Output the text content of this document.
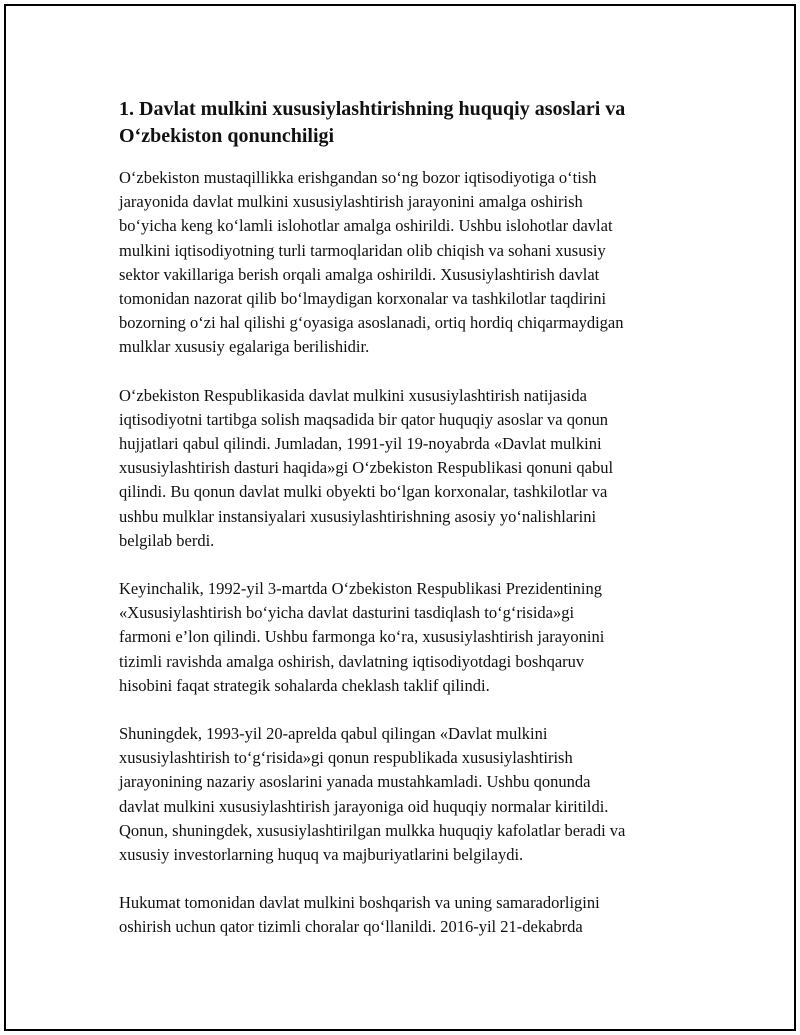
1. Davlat mulkini xususiylashtirishning huquqiy asoslari va
O‘zbekiston qonunchiligi

O‘zbekiston mustaqillikka erishgandan so‘ng bozor iqtisodiyotiga o‘tish
jarayonida davlat mulkini xususiylashtirish jarayonini amalga oshirish
bo‘yicha keng ko‘lamli islohotlar amalga oshirildi. Ushbu islohotlar davlat
mulkini iqtisodiyotning turli tarmoqlaridan olib chiqish va sohani xususiy
sektor vakillariga berish orqali amalga oshirildi. Xususiylashtirish davlat
tomonidan nazorat qilib bo‘lmaydigan korxonalar va tashkilotlar taqdirini
bozorning o‘zi hal qilishi g‘oyasiga asoslanadi, ortiq hordiq chiqarmaydigan
mulklar xususiy egalariga berilishidir.

O‘zbekiston Respublikasida davlat mulkini xususiylashtirish natijasida
iqtisodiyotni tartibga solish maqsadida bir qator huquqiy asoslar va qonun
hujjatlari qabul qilindi. Jumladan, 1991-yil 19-noyabrda «Davlat mulkini
xususiylashtirish dasturi haqida»gi O‘zbekiston Respublikasi qonuni qabul
qilindi. Bu qonun davlat mulki obyekti bo‘lgan korxonalar, tashkilotlar va
ushbu mulklar instansiyalari xususiylashtirishning asosiy yo‘nalishlarini
belgilab berdi.

Keyinchalik, 1992-yil 3-martda O‘zbekiston Respublikasi Prezidentining
«Xususiylashtirish bo‘yicha davlat dasturini tasdiqlash to‘g‘risida»gi
farmoni e’lon qilindi. Ushbu farmonga ko‘ra, xususiylashtirish jarayonini
tizimli ravishda amalga oshirish, davlatning iqtisodiyotdagi boshqaruv
hisobini faqat strategik sohalarda cheklash taklif qilindi.

Shuningdek, 1993-yil 20-aprelda qabul qilingan «Davlat mulkini
xususiylashtirish to‘g‘risida»gi qonun respublikada xususiylashtirish
jarayonining nazariy asoslarini yanada mustahkamladi. Ushbu qonunda
davlat mulkini xususiylashtirish jarayoniga oid huquqiy normalar kiritildi.
Qonun, shuningdek, xususiylashtirilgan mulkka huquqiy kafolatlar beradi va
xususiy investorlarning huquq va majburiyatlarini belgilaydi.

Hukumat tomonidan davlat mulkini boshqarish va uning samaradorligini
oshirish uchun qator tizimli choralar qo‘llanildi. 2016-yil 21-dekabrda
